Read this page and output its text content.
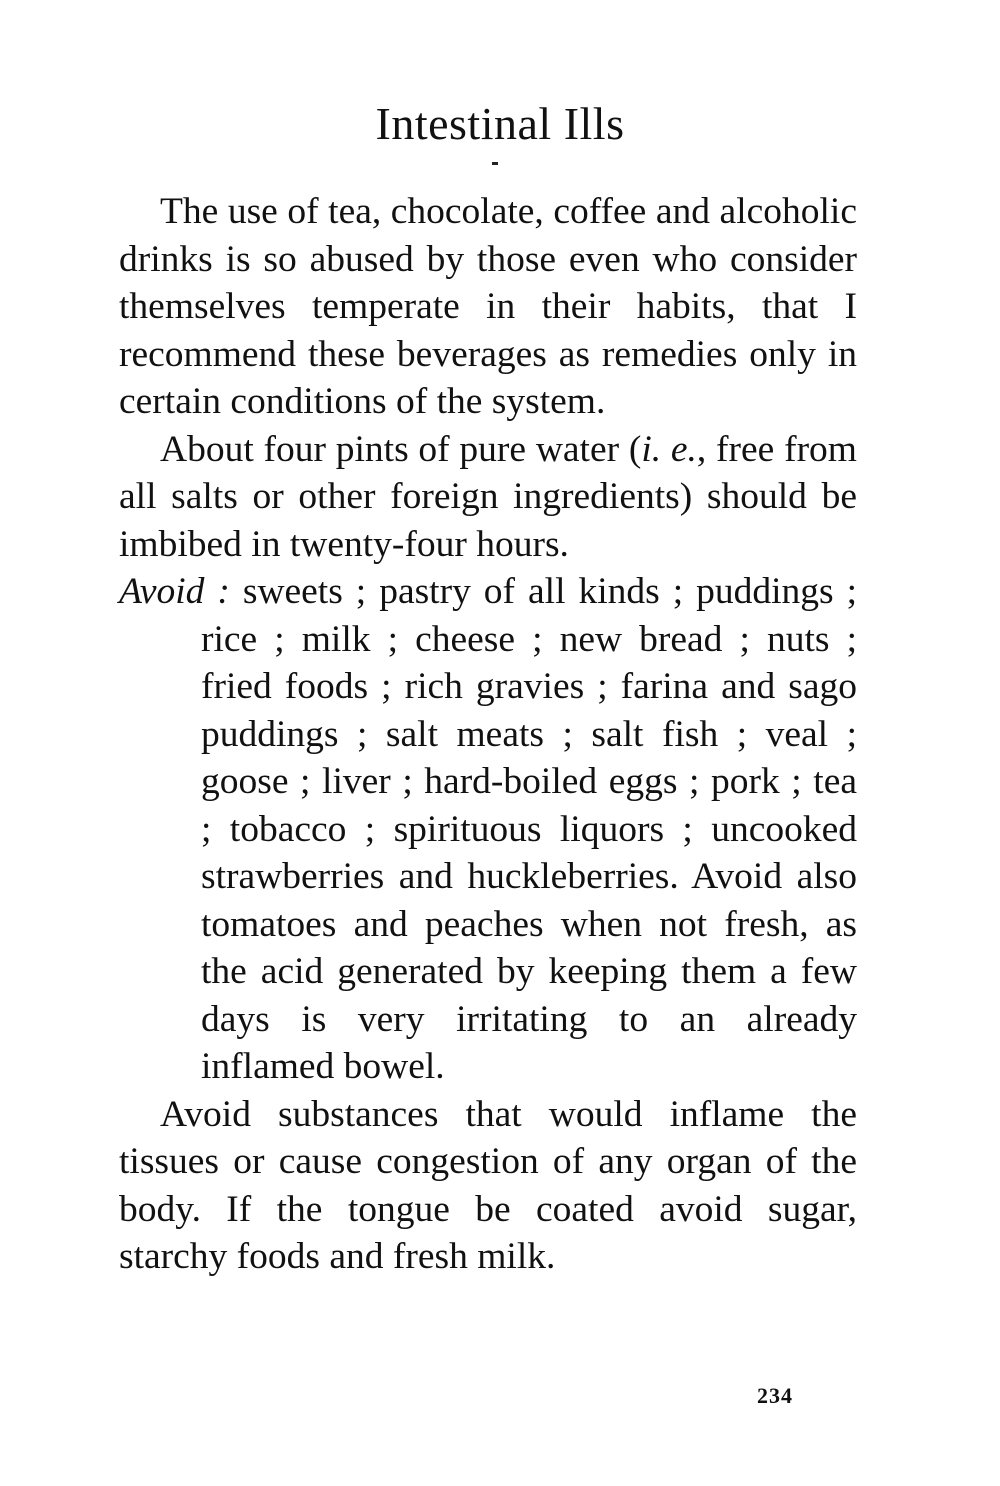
Intestinal Ills

The use of tea, chocolate, coffee and alcoholic drinks is so abused by those even who consider themselves temperate in their habits, that I recommend these beverages as remedies only in certain conditions of the system.

About four pints of pure water (i. e., free from all salts or other foreign ingredients) should be imbibed in twenty-four hours.

Avoid : sweets ; pastry of all kinds ; puddings ; rice ; milk ; cheese ; new bread ; nuts ; fried foods ; rich gravies ; farina and sago puddings ; salt meats ; salt fish ; veal ; goose ; liver ; hard-boiled eggs ; pork ; tea ; tobacco ; spirituous liquors ; uncooked strawberries and huckleberries. Avoid also tomatoes and peaches when not fresh, as the acid generated by keeping them a few days is very irritating to an already inflamed bowel.

Avoid substances that would inflame the tissues or cause congestion of any organ of the body. If the tongue be coated avoid sugar, starchy foods and fresh milk.

234
